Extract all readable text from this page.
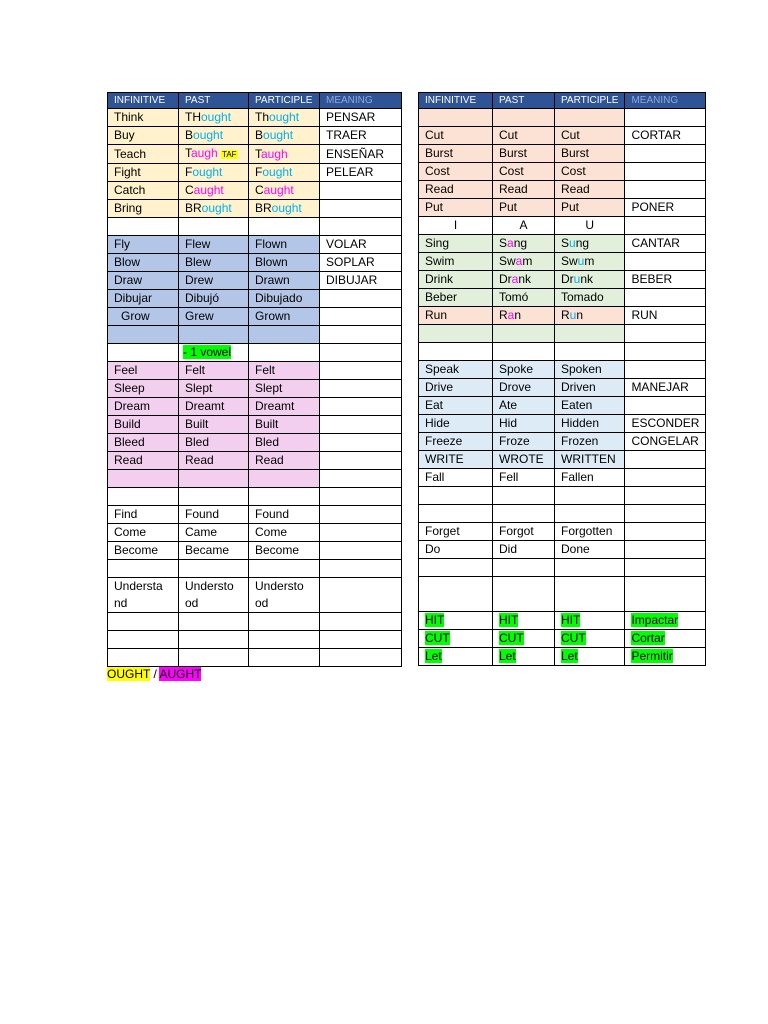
INFINITIVE	PAST	PARTICIPLE	MEANING
Think	THought	Thought	PENSAR
Buy	Bought	Bought	TRAER
Teach	Taugh TAF	Taugh	ENSEÑAR
Fight	Fought	Fought	PELEAR
Catch	Caught	Caught	
Bring	BRought	BRought	

Fly	Flew	Flown	VOLAR
Blow	Blew	Blown	SOPLAR
Draw	Drew	Drawn	DIBUJAR
Dibujar	Dibujó	Dibujado	
Grow	Grew	Grown	

	- 1 vowel		
Feel	Felt	Felt	
Sleep	Slept	Slept	
Dream	Dreamt	Dreamt	
Build	Built	Built	
Bleed	Bled	Bled	
Read	Read	Read	

Find	Found	Found	
Come	Came	Come	
Become	Became	Become	

Understa nd	Understo od	Understo od	

INFINITIVE	PAST	PARTICIPLE	MEANING

Cut	Cut	Cut	CORTAR
Burst	Burst	Burst	
Cost	Cost	Cost	
Read	Read	Read	
Put	Put	Put	PONER
I	A	U	
Sing	Sang	Sung	CANTAR
Swim	Swam	Swum	
Drink	Drank	Drunk	BEBER
Beber	Tomó	Tomado	
Run	Ran	Run	RUN

Speak	Spoke	Spoken	
Drive	Drove	Driven	MANEJAR
Eat	Ate	Eaten	
Hide	Hid	Hidden	ESCONDER
Freeze	Froze	Frozen	CONGELAR
WRITE	WROTE	WRITTEN	
Fall	Fell	Fallen	

Forget	Forgot	Forgotten	
Do	Did	Done	

HIT	HIT	HIT	Impactar
CUT	CUT	CUT	Cortar
Let	Let	Let	Permitir
OUGHT / AUGHT
